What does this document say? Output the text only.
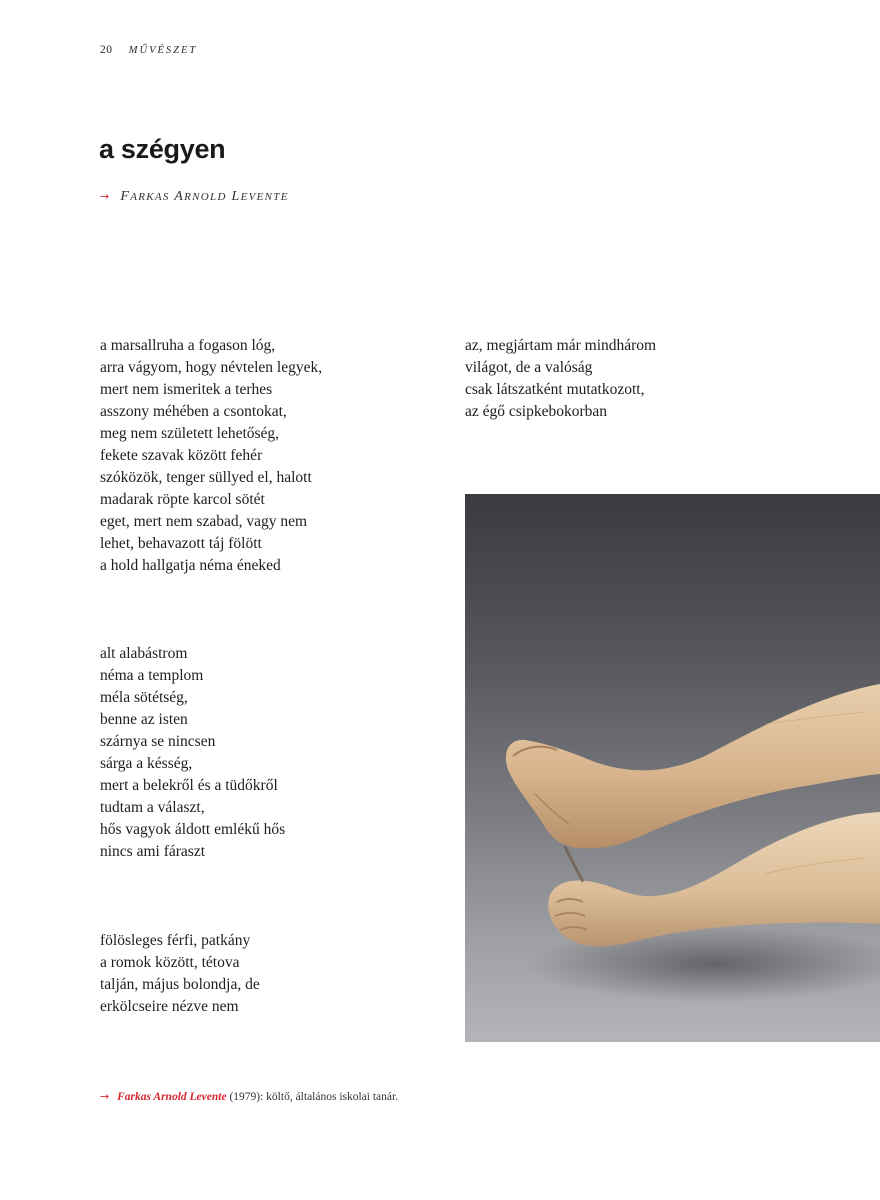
20 MŰVÉSZET
a szégyen
→ FARKAS ARNOLD LEVENTE
a marsallruha a fogason lóg,
arra vágyom, hogy névtelen legyek,
mert nem ismeritek a terhes
asszony méhében a csontokat,
meg nem született lehetőség,
fekete szavak között fehér
szóközök, tenger süllyed el, halott
madarak röpte karcol sötét
eget, mert nem szabad, vagy nem
lehet, behavazott táj fölött
a hold hallgatja néma éneked
alt alabástrom
néma a templom
méla sötétség,
benne az isten
szárnya se nincsen
sárga a késség,
mert a belekről és a tüdőkről
tudtam a választ,
hős vagyok áldott emlékű hős
nincs ami fáraszt
fölösleges férfi, patkány
a romok között, tétova
talján, május bolondja, de
erkölcseire nézve nem
az, megjártam már mindhárom
világot, de a valóság
csak látszatként mutatkozott,
az égő csipkebokorban
→ Farkas Arnold Levente (1979): költő, általános iskolai tanár.
